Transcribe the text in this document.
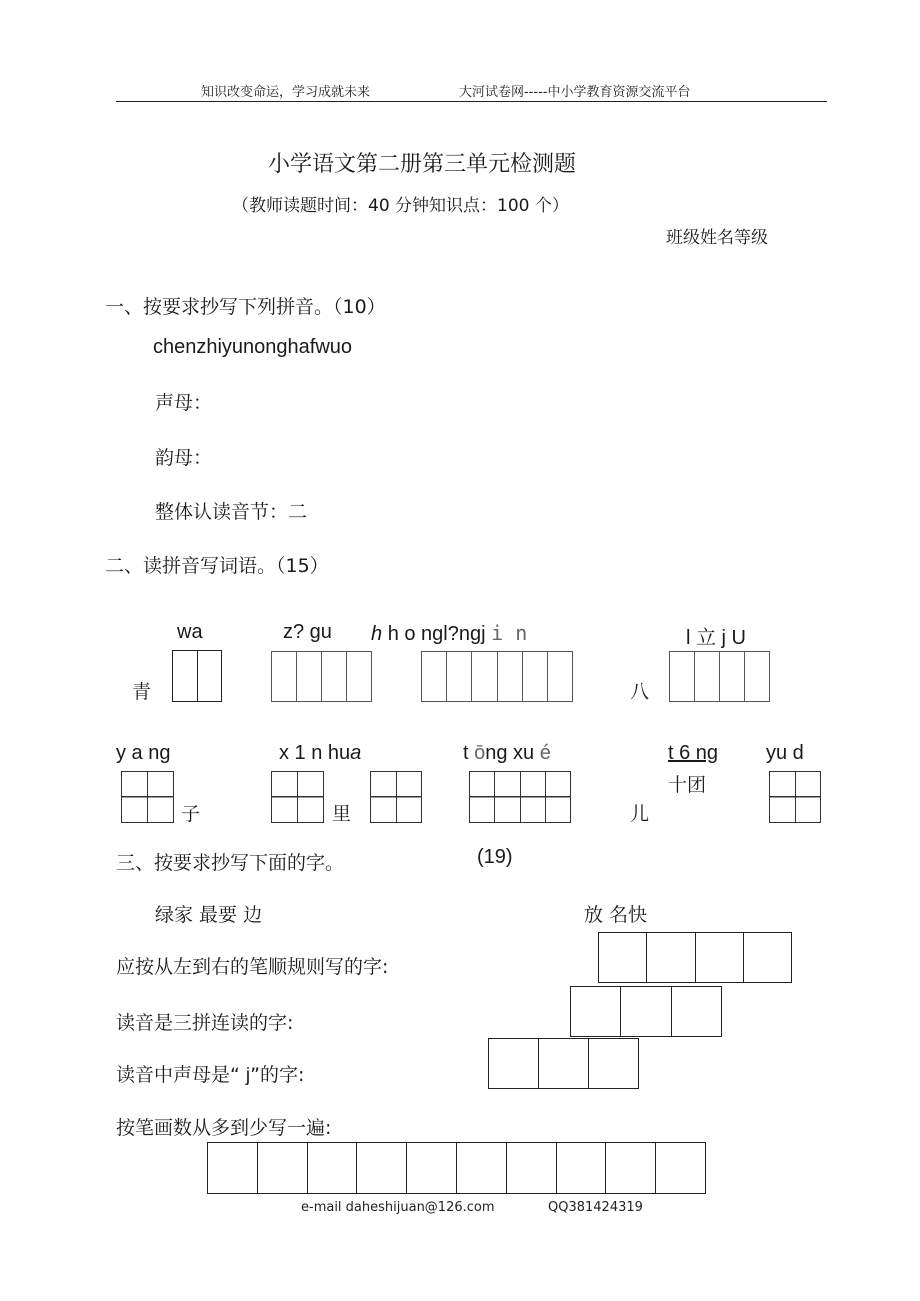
知识改变命运，学习成就未来	大河试卷网-----中小学教育资源交流平台
小学语文第二册第三单元检测题
（教师读题时间：40 分钟知识点：100 个）
班级姓名等级
一、按要求抄写下列拼音。（10）
chenzhiyunonghafwuo
声母：
韵母：
整体认读音节：二
二、读拼音写词语。（15）
wa	z? gu h h o ngl?ngj i n	l 立 j U
青	八
y a ng	x 1 n hua	t ōng xu é	t 6 ng
十团
yu d
子	里	儿
三、按要求抄写下面的字。	(19)
绿家 最要 边	放 名快
应按从左到右的笔顺规则写的字:
读音是三拼连读的字:
读音中声母是“ j”的字:
按笔画数从多到少写一遍:
e-mail daheshijuan@126.com	QQ381424319
